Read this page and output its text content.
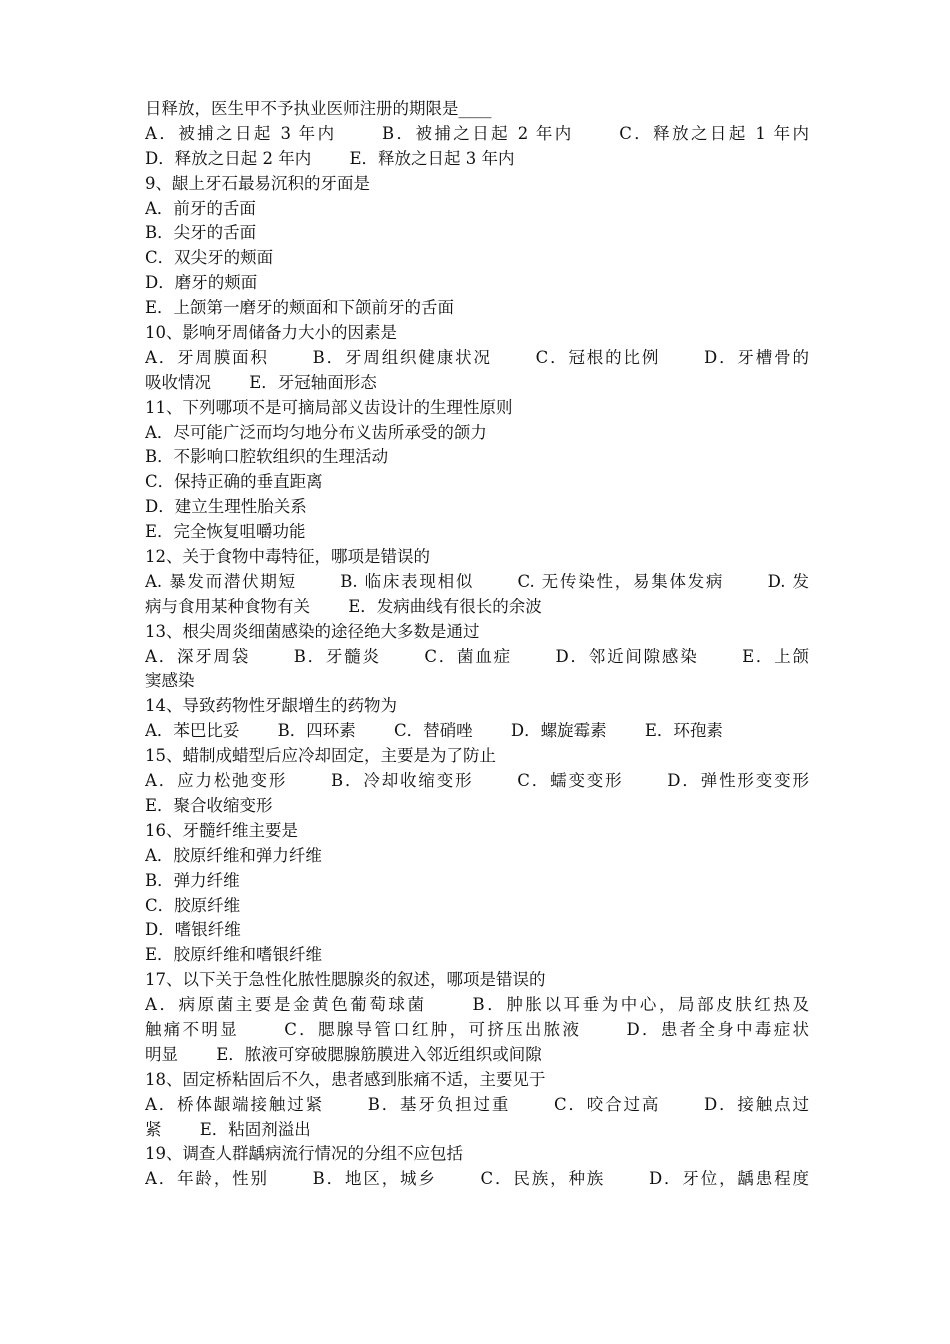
日释放，医生甲不予执业医师注册的期限是____
A．被捕之日起 3 年内 　　B．被捕之日起 2 年内 　　C．释放之日起 1 年内
D．释放之日起 2 年内 　　E．释放之日起 3 年内
9、龈上牙石最易沉积的牙面是
A．前牙的舌面
B．尖牙的舌面
C．双尖牙的颊面
D．磨牙的颊面
E．上颌第一磨牙的颊面和下颌前牙的舌面
10、影响牙周储备力大小的因素是
A．牙周膜面积 　　B．牙周组织健康状况 　　C．冠根的比例 　　D．牙槽骨的
吸收情况 　　E．牙冠轴面形态
11、下列哪项不是可摘局部义齿设计的生理性原则
A．尽可能广泛而均匀地分布义齿所承受的颌力
B．不影响口腔软组织的生理活动
C．保持正确的垂直距离
D．建立生理性胎关系
E．完全恢复咀嚼功能
12、关于食物中毒特征，哪项是错误的
A. 暴发而潜伏期短 　　B. 临床表现相似 　　C. 无传染性，易集体发病 　　D. 发
病与食用某种食物有关 　　E．发病曲线有很长的余波
13、根尖周炎细菌感染的途径绝大多数是通过
A．深牙周袋 　　B．牙髓炎 　　C．菌血症 　　D．邻近间隙感染 　　E．上颌
窦感染
14、导致药物性牙龈增生的药物为
A．苯巴比妥 　　B．四环素 　　C．替硝唑 　　D．螺旋霉素 　　E．环孢素
15、蜡制成蜡型后应冷却固定，主要是为了防止
A．应力松弛变形 　　B．冷却收缩变形 　　C．蠕变变形 　　D．弹性形变变形
E．聚合收缩变形
16、牙髓纤维主要是
A．胶原纤维和弹力纤维
B．弹力纤维
C．胶原纤维
D．嗜银纤维
E．胶原纤维和嗜银纤维
17、以下关于急性化脓性腮腺炎的叙述，哪项是错误的
A．病原菌主要是金黄色葡萄球菌 　　B．肿胀以耳垂为中心，局部皮肤红热及
触痛不明显 　　C．腮腺导管口红肿，可挤压出脓液 　　D．患者全身中毒症状
明显 　　E．脓液可穿破腮腺筋膜进入邻近组织或间隙
18、固定桥粘固后不久，患者感到胀痛不适，主要见于
A．桥体龈端接触过紧 　　B．基牙负担过重 　　C．咬合过高 　　D．接触点过
紧 　　E．粘固剂溢出
19、调查人群龋病流行情况的分组不应包括
A．年龄，性别 　　B．地区，城乡 　　C．民族，种族 　　D．牙位，龋患程度
